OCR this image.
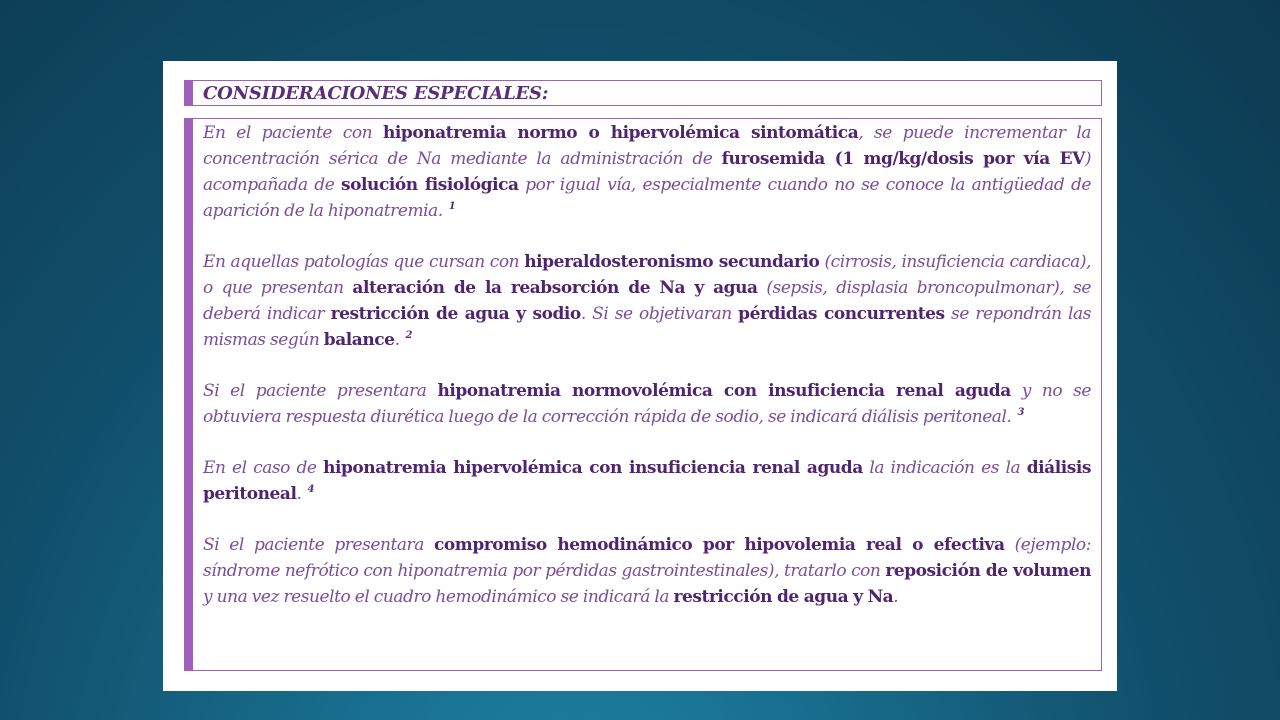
CONSIDERACIONES ESPECIALES:

En el paciente con hiponatremia normo o hipervolémica sintomática, se puede incrementar la concentración sérica de Na mediante la administración de furosemida (1 mg/kg/dosis por vía EV) acompañada de solución fisiológica por igual vía, especialmente cuando no se conoce la antigüedad de aparición de la hiponatremia. $^1$

En aquellas patologías que cursan con hiperaldosteronismo secundario (cirrosis, insuficiencia cardiaca), o que presentan alteración de la reabsorción de Na y agua (sepsis, displasia broncopulmonar), se deberá indicar restricción de agua y sodio. Si se objetivaran pérdidas concurrentes se repondrán las mismas según balance. $^2$

Si el paciente presentara hiponatremia normovolémica con insuficiencia renal aguda y no se obtuviera respuesta diurética luego de la corrección rápida de sodio, se indicará diálisis peritoneal. $^3$

En el caso de hiponatremia hipervolémica con insuficiencia renal aguda la indicación es la diálisis peritoneal. $^4$

Si el paciente presentara compromiso hemodinámico por hipovolemia real o efectiva (ejemplo: síndrome nefrótico con hiponatremia por pérdidas gastrointestinales), tratarlo con reposición de volumen y una vez resuelto el cuadro hemodinámico se indicará la restricción de agua y Na.
